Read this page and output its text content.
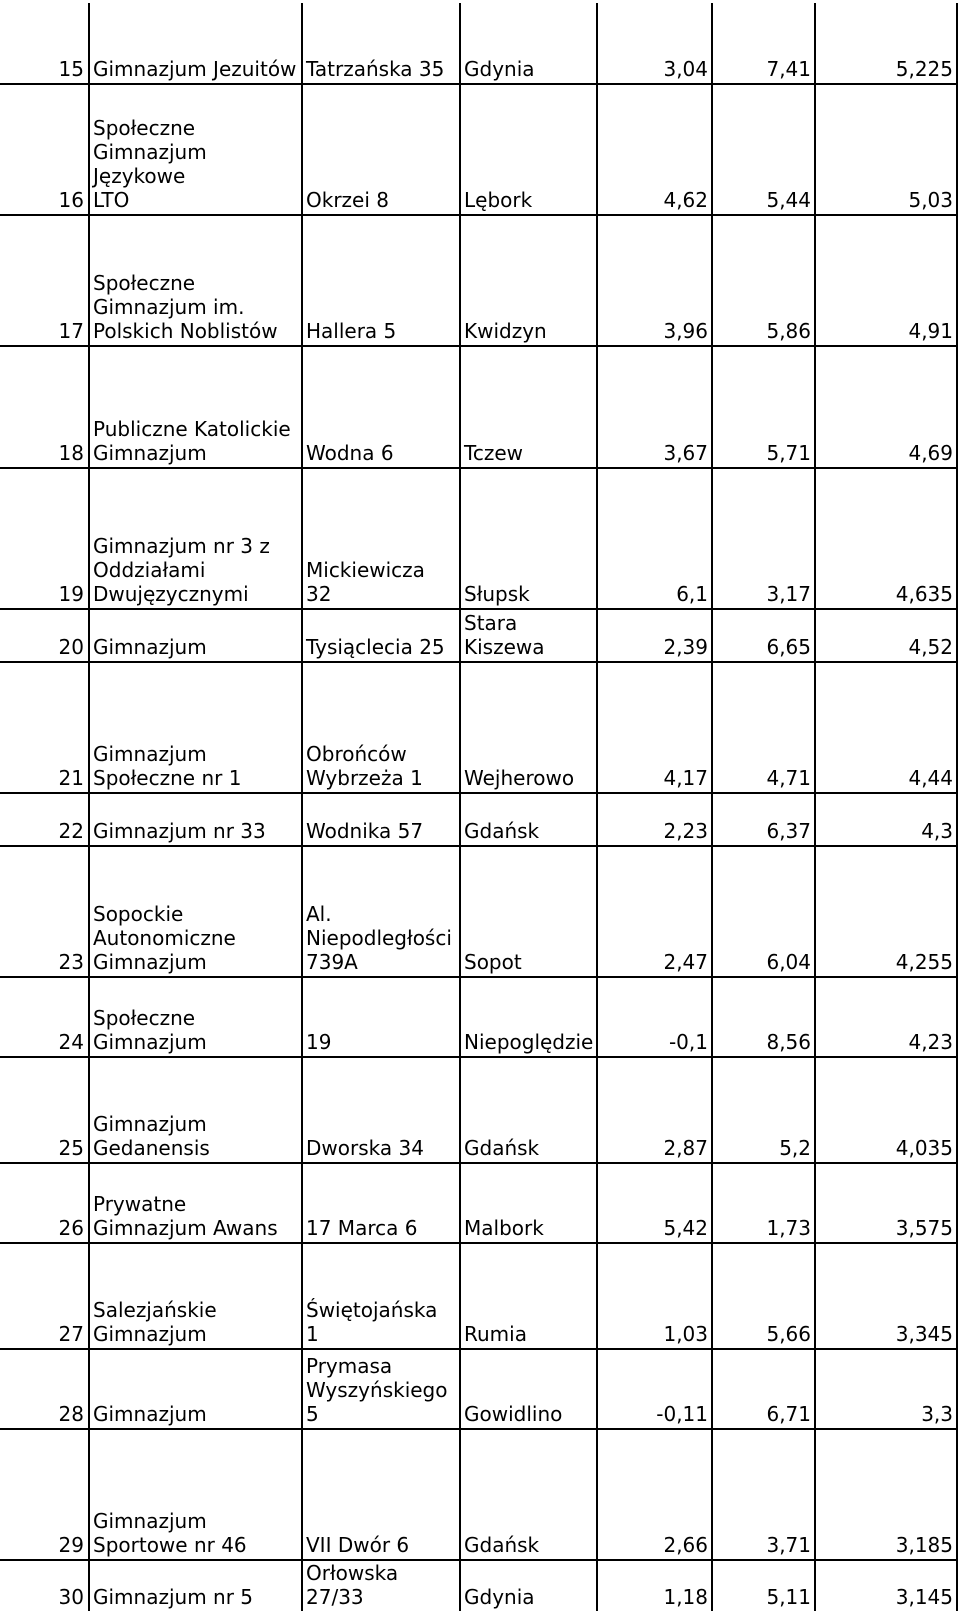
15	Gimnazjum Jezuitów	Tatrzańska 35	Gdynia	3,04	7,41	5,225
16	Społeczne
Gimnazjum Językowe
LTO	Okrzei 8	Lębork	4,62	5,44	5,03
17	Społeczne
Gimnazjum im.
Polskich Noblistów	Hallera 5	Kwidzyn	3,96	5,86	4,91
18	Publiczne Katolickie
Gimnazjum	Wodna 6	Tczew	3,67	5,71	4,69
19	Gimnazjum nr 3 z
Oddziałami
Dwujęzycznymi	Mickiewicza 32	Słupsk	6,1	3,17	4,635
20	Gimnazjum	Tysiąclecia 25	Stara Kiszewa	2,39	6,65	4,52
21	Gimnazjum
Społeczne nr 1	Obrońców
Wybrzeża 1	Wejherowo	4,17	4,71	4,44
22	Gimnazjum nr 33	Wodnika 57	Gdańsk	2,23	6,37	4,3
23	Sopockie
Autonomiczne
Gimnazjum	Al.
Niepodległości
739A	Sopot	2,47	6,04	4,255
24	Społeczne
Gimnazjum	19	Niepoględzie	-0,1	8,56	4,23
25	Gimnazjum
Gedanensis	Dworska 34	Gdańsk	2,87	5,2	4,035
26	Prywatne
Gimnazjum Awans	17 Marca 6	Malbork	5,42	1,73	3,575
27	Salezjańskie
Gimnazjum	Świętojańska 1	Rumia	1,03	5,66	3,345
28	Gimnazjum	Prymasa
Wyszyńskiego
5	Gowidlino	-0,11	6,71	3,3
29	Gimnazjum
Sportowe nr 46	VII Dwór 6	Gdańsk	2,66	3,71	3,185
30	Gimnazjum nr 5	Orłowska 27/33	Gdynia	1,18	5,11	3,145
